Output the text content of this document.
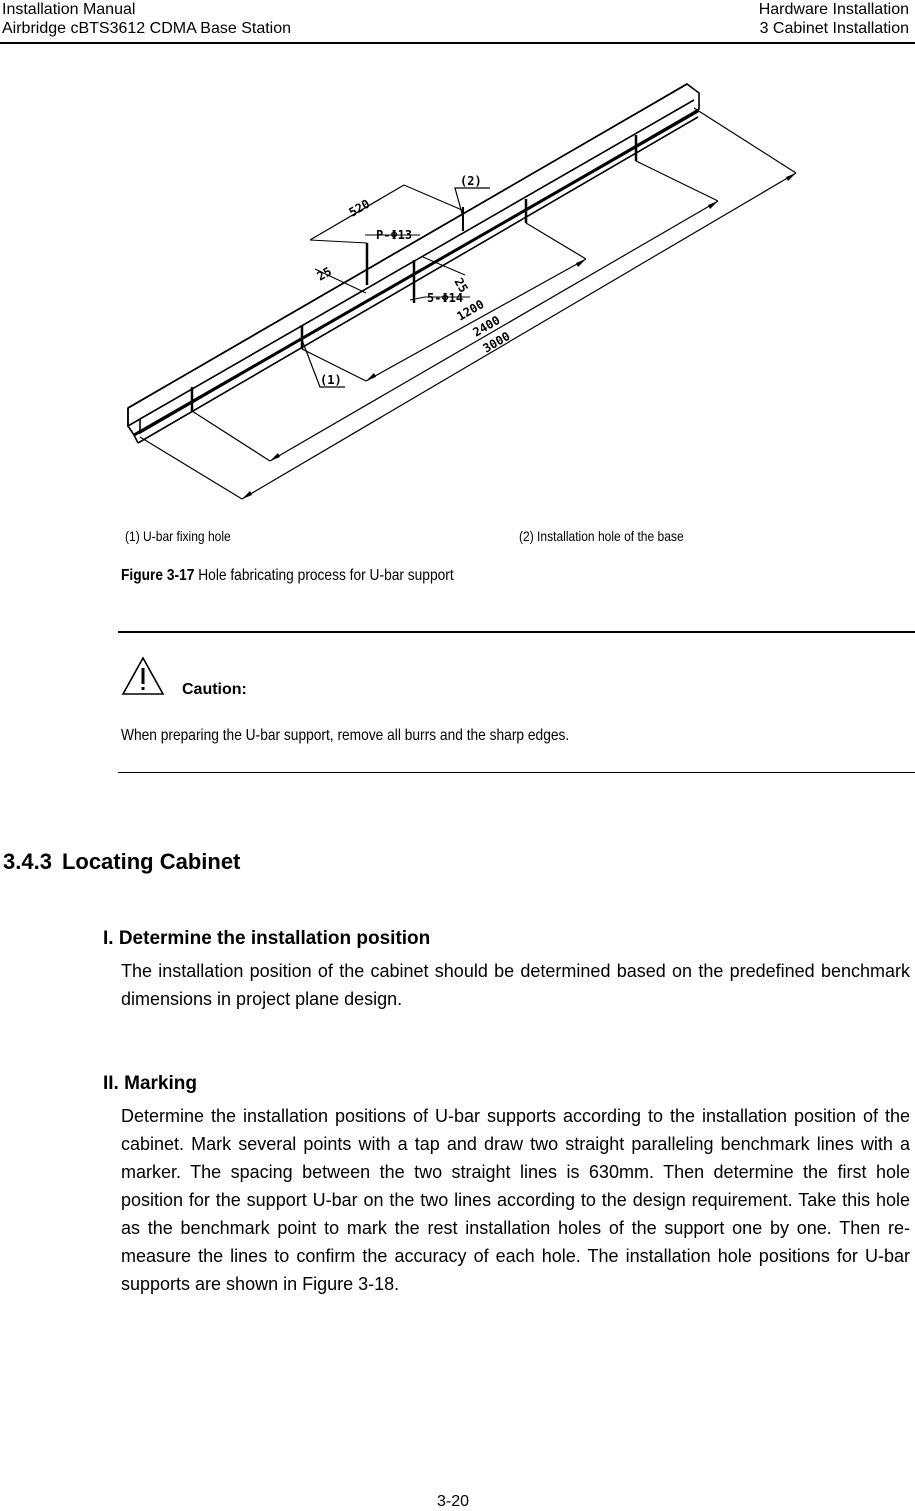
Installation Manual
Airbridge cBTS3612 CDMA Base Station
Hardware Installation
3 Cabinet Installation
520
P-Φ13
25
25
5-Φ14
1200
2400
3000
(1)
(2)
(1) U-bar fixing hole	(2) Installation hole of the base
Figure 3-17 Hole fabricating process for U-bar support
Caution:
When preparing the U-bar support, remove all burrs and the sharp edges.
3.4.3 Locating Cabinet
I. Determine the installation position
The installation position of the cabinet should be determined based on the predefined benchmark dimensions in project plane design.
II. Marking
Determine the installation positions of U-bar supports according to the installation position of the cabinet. Mark several points with a tap and draw two straight paralleling benchmark lines with a marker. The spacing between the two straight lines is 630mm. Then determine the first hole position for the support U-bar on the two lines according to the design requirement. Take this hole as the benchmark point to mark the rest installation holes of the support one by one. Then re-measure the lines to confirm the accuracy of each hole. The installation hole positions for U-bar supports are shown in Figure 3-18.
3-20
